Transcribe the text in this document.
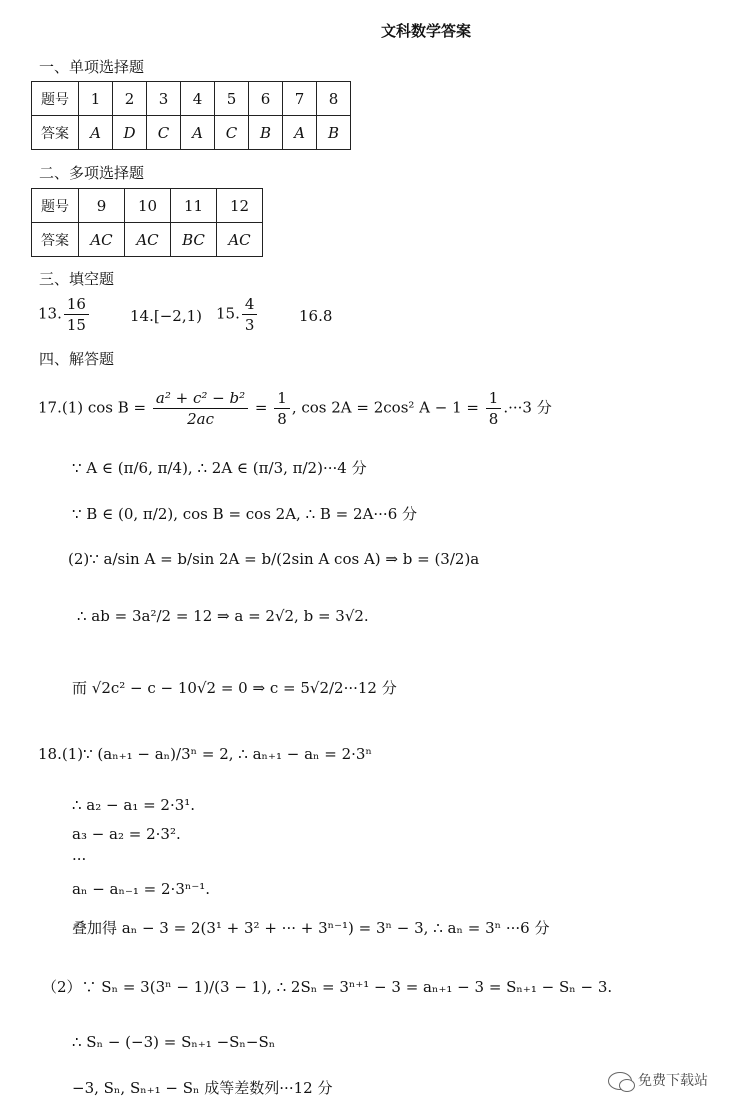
文科数学答案
一、单项选择题
题号	1	2	3	4	5	6	7	8
答案	A	D	C	A	C	B	A	B
二、多项选择题
题号	9	10	11	12
答案	AC	AC	BC	AC
三、填空题
13. $\frac{16}{15}$	14.[−2,1) 15. $\frac{4}{3}$	16.8
四、解答题
17.(1) $\cos B = \frac{\text{a² + c² − b²}}{2ac} = \frac{1}{8}$ , cos 2A = 2cos² $A - 1 = \frac{1}{8} .\cdot\cdot\cdot 3$ 分
∵ A ∈ (π/6, π/4), ∴ 2A ∈ (π/3, π/2)···4 分
∵ B ∈ (0, π/2), cos B = cos 2A, ∴ B = 2A···6 分
(2)∵ a/sin A = b/sin 2A = b/(2sin A cos A) ⇒ b = (3/2)a
∴ ab = 3a²/2 = 12 ⇒ a = 2√2, b = 3√2.
而 √2c² − c − 10√2 = 0 ⇒ c = 5√2/2···12 分
18.(1)∵ (aₙ₊₁ − aₙ)/3ⁿ = 2, ∴ aₙ₊₁ − aₙ = 2·3ⁿ
∴ a₂ − a₁ = 2·3¹.
a₃ − a₂ = 2·3².
···
aₙ − aₙ₋₁ = 2·3ⁿ⁻¹.
叠加得 aₙ − 3 = 2(3¹ + 3² + ··· + 3ⁿ⁻¹) = 3ⁿ − 3, ∴ aₙ = 3ⁿ ···6 分
（2）∵ Sₙ = 3(3ⁿ − 1)/(3 − 1), ∴ 2Sₙ = 3ⁿ⁺¹ − 3 = aₙ₊₁ − 3 = Sₙ₊₁ − Sₙ − 3.
∴ Sₙ − (−3) = Sₙ₊₁ −Sₙ−Sₙ
−3, Sₙ, Sₙ₊₁ − Sₙ 成等差数列···12 分	免费下载站
